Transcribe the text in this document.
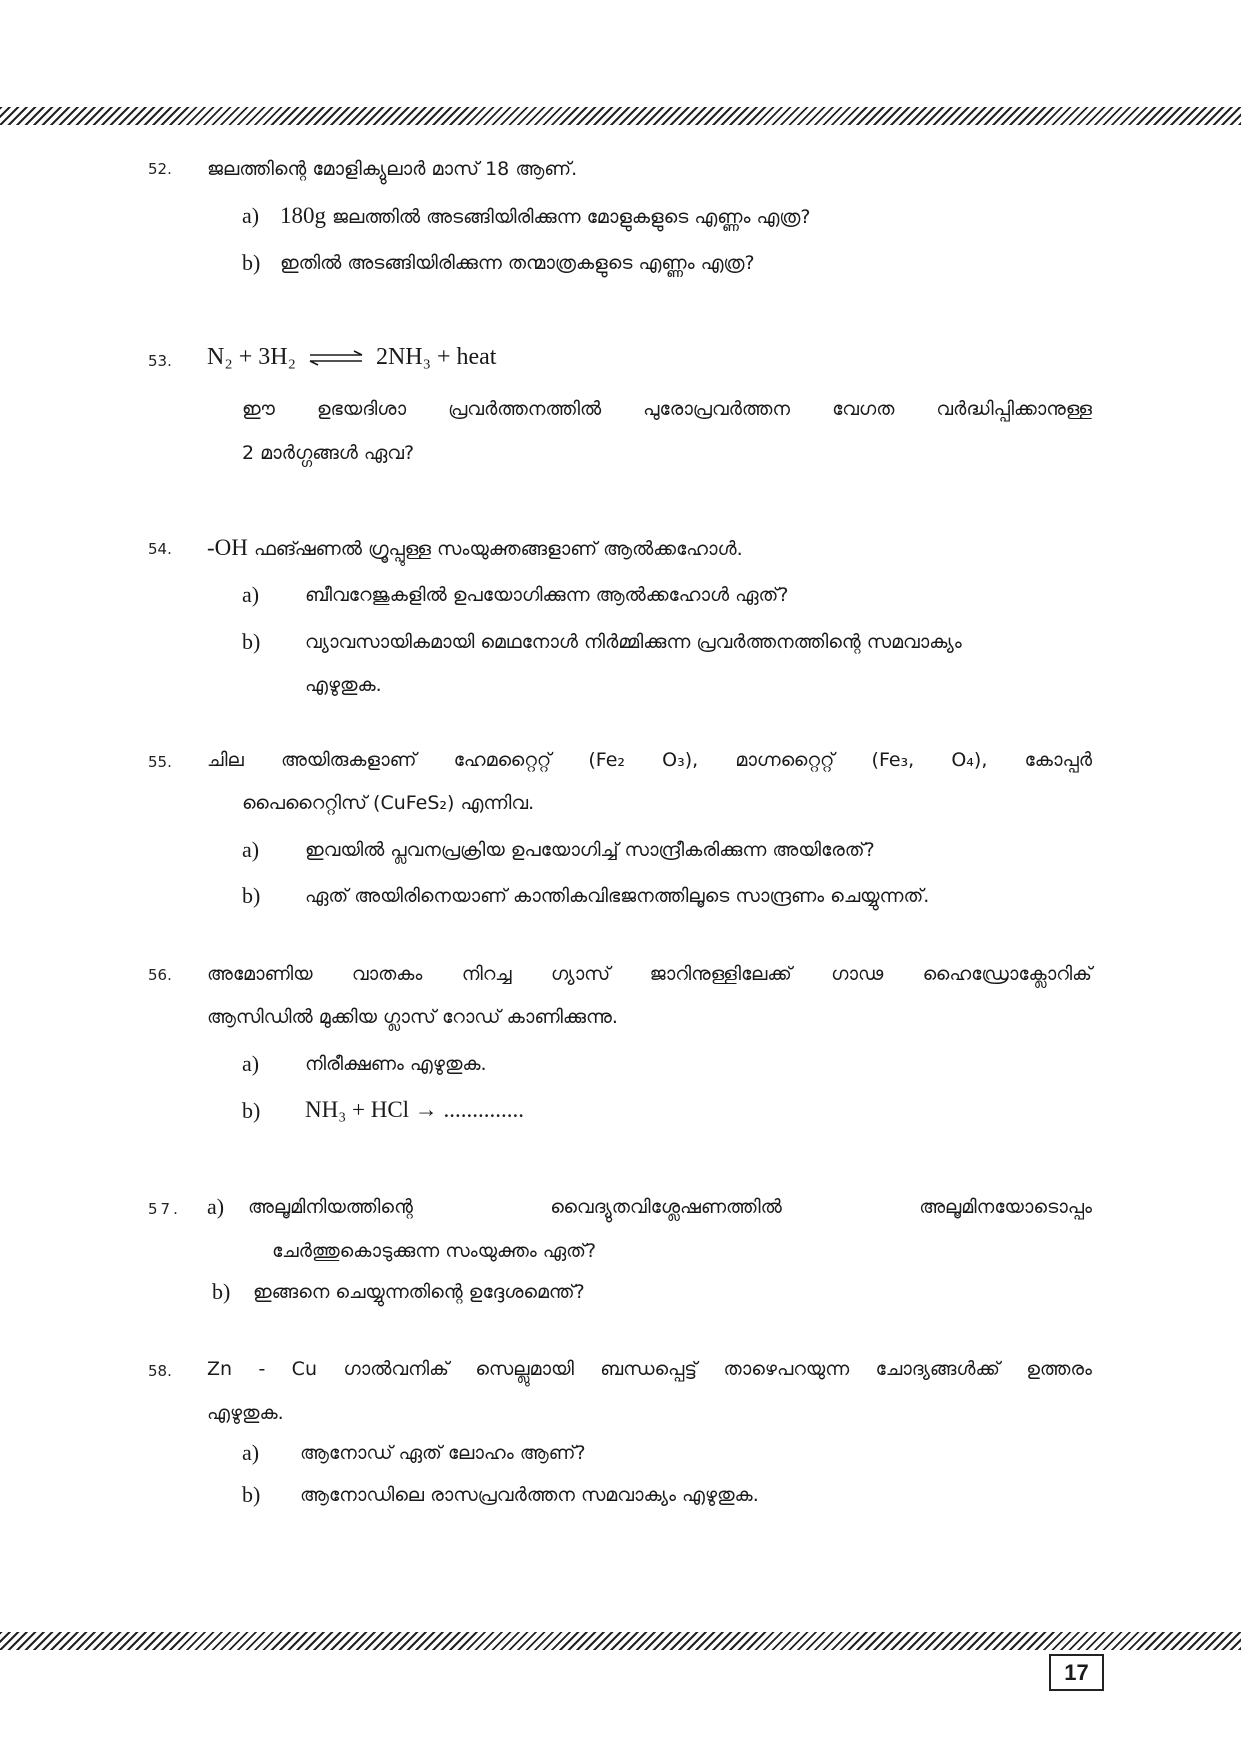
52. ജലത്തിന്റെ മോളിക്യുലാർ മാസ് 18 ആണ്.
a) 180g ജലത്തിൽ അടങ്ങിയിരിക്കുന്ന മോളുകളുടെ എണ്ണം എത്ര?
b) ഇതിൽ അടങ്ങിയിരിക്കുന്ന തന്മാത്രകളുടെ എണ്ണം എത്ര?
53. N₂ + 3H₂ ⇌ 2NH₃ + heat
ഈ ഉഭയദിശാ പ്രവർത്തനത്തിൽ പുരോപ്രവർത്തന വേഗത വർദ്ധിപ്പിക്കാനുള്ള
2 മാർഗ്ഗങ്ങൾ ഏവ?
54. -OH ഫങ്ഷണൽ ഗ്രൂപ്പുള്ള സംയുക്തങ്ങളാണ് ആൽക്കഹോൾ.
a) ബീവറേജുകളിൽ ഉപയോഗിക്കുന്ന ആൽക്കഹോൾ ഏത്?
b) വ്യാവസായികമായി മെഥനോൾ നിർമ്മിക്കുന്ന പ്രവർത്തനത്തിന്റെ സമവാക്യം
എഴുതുക.
55. ചില അയിരുകളാണ് ഹേമറ്റൈറ്റ് (Fe₂ O₃), മാഗ്നറ്റൈറ്റ് (Fe₃, O₄), കോപ്പർ
പൈറൈറ്റിസ് (CuFeS₂) എന്നിവ.
a) ഇവയിൽ പ്ലവനപ്രക്രിയ ഉപയോഗിച്ച് സാന്ദ്രീകരിക്കുന്ന അയിരേത്?
b) ഏത് അയിരിനെയാണ് കാന്തികവിഭജനത്തിലൂടെ സാന്ദ്രണം ചെയ്യുന്നത്.
56. അമോണിയ വാതകം നിറച്ച ഗ്യാസ് ജാറിനുള്ളിലേക്ക് ഗാഢ ഹൈഡ്രോക്ലോറിക്
ആസിഡിൽ മുക്കിയ ഗ്ലാസ് റോഡ് കാണിക്കുന്നു.
a) നിരീക്ഷണം എഴുതുക.
b) NH₃ + HCl → ..............
57. a) അലൂമിനിയത്തിന്റെ വൈദ്യുതവിശ്ലേഷണത്തിൽ അലൂമിനയോടൊപ്പം
ചേർത്തുകൊടുക്കുന്ന സംയുക്തം ഏത്?
b) ഇങ്ങനെ ചെയ്യുന്നതിന്റെ ഉദ്ദേശമെന്ത്?
58. Zn - Cu ഗാൽവനിക് സെല്ലുമായി ബന്ധപ്പെട്ട് താഴെപറയുന്ന ചോദ്യങ്ങൾക്ക് ഉത്തരം
എഴുതുക.
a) ആനോഡ് ഏത് ലോഹം ആണ്?
b) ആനോഡിലെ രാസപ്രവർത്തന സമവാക്യം എഴുതുക.
17
